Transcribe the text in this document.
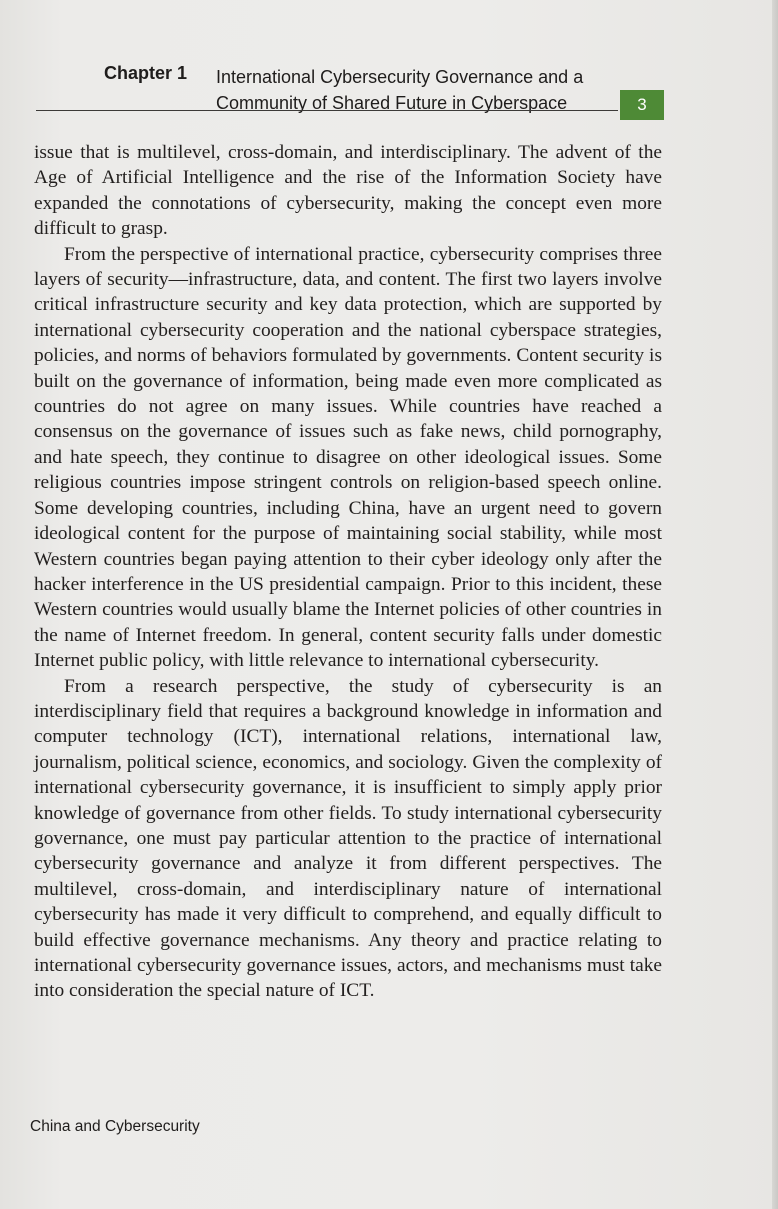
Chapter 1 International Cybersecurity Governance and a Community of Shared Future in Cyberspace	3

issue that is multilevel, cross-domain, and interdisciplinary. The advent of the Age of Artificial Intelligence and the rise of the Information Society have expanded the connotations of cybersecurity, making the concept even more difficult to grasp.

From the perspective of international practice, cybersecurity comprises three layers of security—infrastructure, data, and content. The first two layers involve critical infrastructure security and key data protection, which are supported by international cybersecurity cooperation and the national cyberspace strategies, policies, and norms of behaviors formulated by governments. Content security is built on the governance of information, being made even more complicated as countries do not agree on many issues. While countries have reached a consensus on the governance of issues such as fake news, child pornography, and hate speech, they continue to disagree on other ideological issues. Some religious countries impose stringent controls on religion-based speech online. Some developing countries, including China, have an urgent need to govern ideological content for the purpose of maintaining social stability, while most Western countries began paying attention to their cyber ideology only after the hacker interference in the US presidential campaign. Prior to this incident, these Western countries would usually blame the Internet policies of other countries in the name of Internet freedom. In general, content security falls under domestic Internet public policy, with little relevance to international cybersecurity.

From a research perspective, the study of cybersecurity is an interdisciplinary field that requires a background knowledge in information and computer technology (ICT), international relations, international law, journalism, political science, economics, and sociology. Given the complexity of international cybersecurity governance, it is insufficient to simply apply prior knowledge of governance from other fields. To study international cybersecurity governance, one must pay particular attention to the practice of international cybersecurity governance and analyze it from different perspectives. The multilevel, cross-domain, and interdisciplinary nature of international cybersecurity has made it very difficult to comprehend, and equally difficult to build effective governance mechanisms. Any theory and practice relating to international cybersecurity governance issues, actors, and mechanisms must take into consideration the special nature of ICT.

China and Cybersecurity
